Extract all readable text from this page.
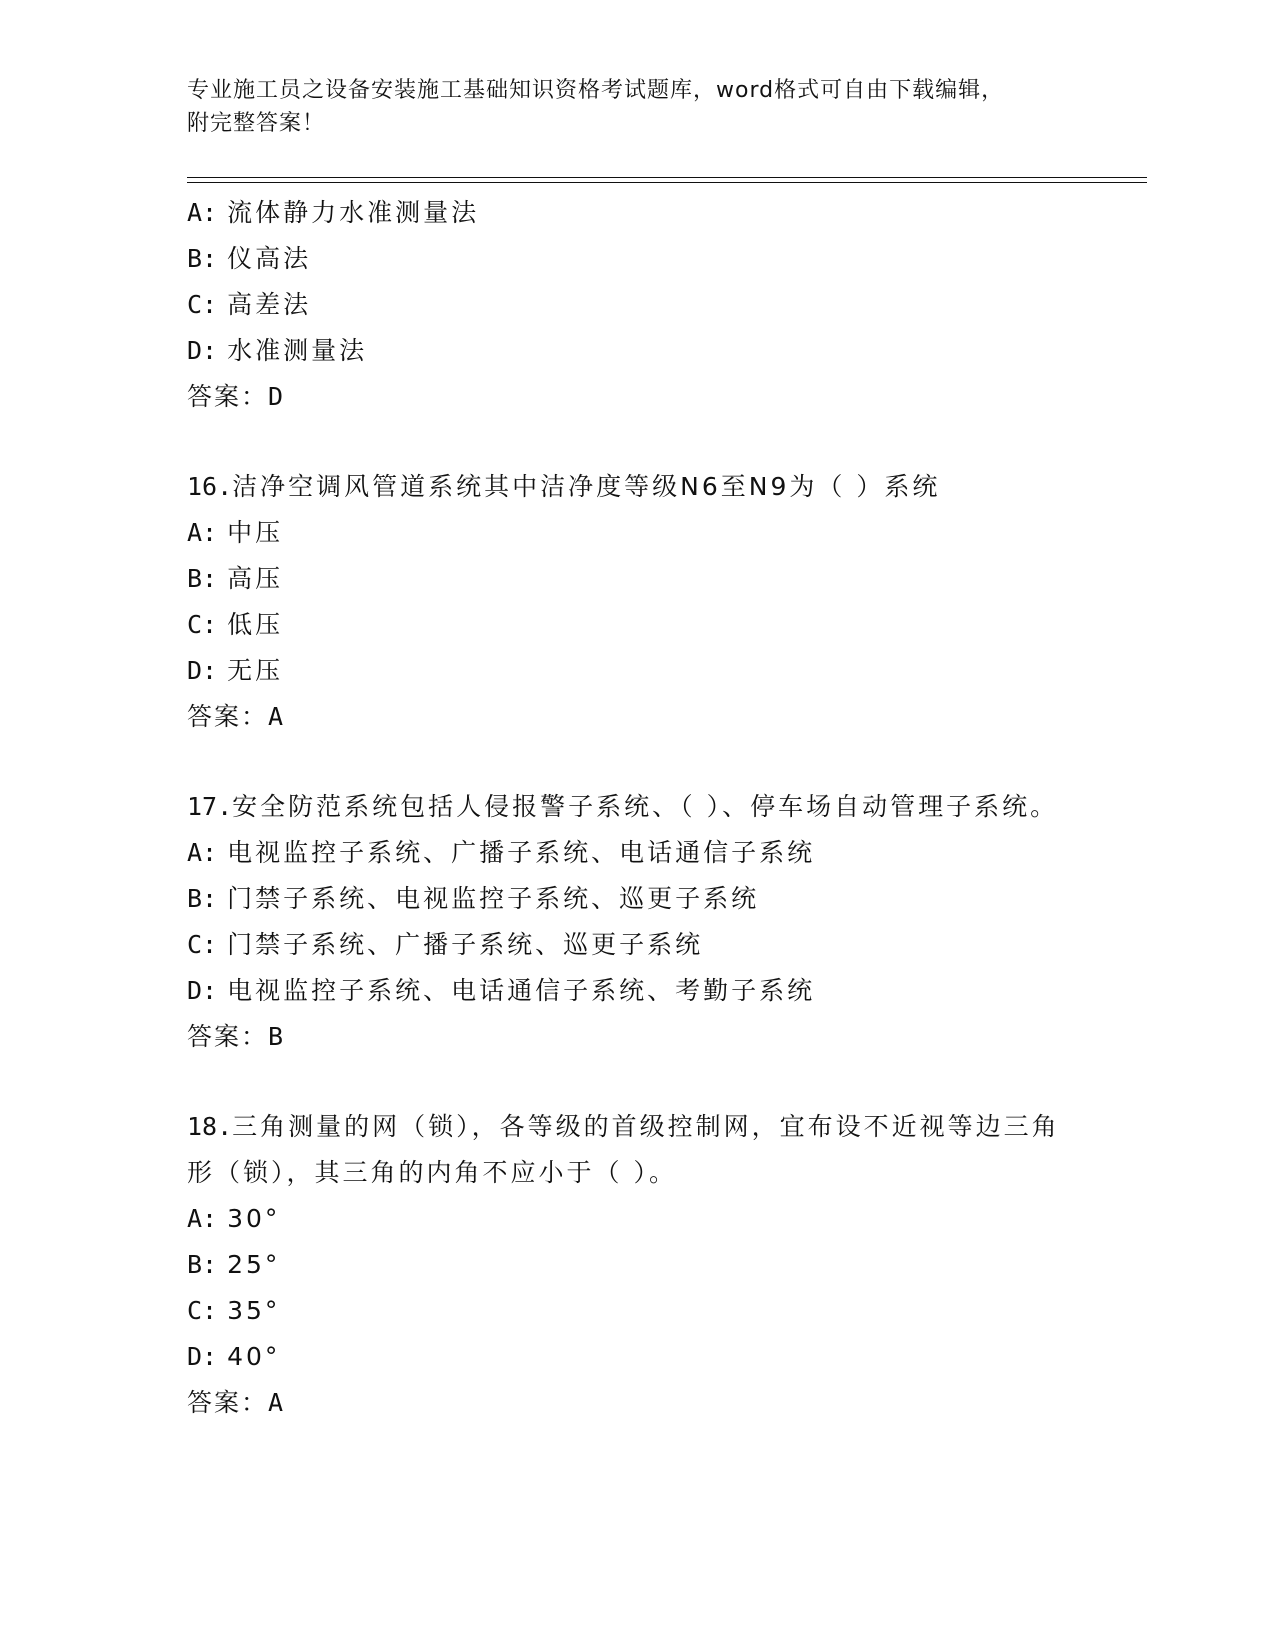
专业施工员之设备安装施工基础知识资格考试题库，word格式可自由下载编辑，
附完整答案！
A: 流体静力水准测量法
B: 仪高法
C: 高差法
D: 水准测量法
答案：D
16.洁净空调风管道系统其中洁净度等级N6至N9为（ ）系统
A: 中压
B: 高压
C: 低压
D: 无压
答案：A
17.安全防范系统包括人侵报警子系统、（ ）、停车场自动管理子系统。
A: 电视监控子系统、广播子系统、电话通信子系统
B: 门禁子系统、电视监控子系统、巡更子系统
C: 门禁子系统、广播子系统、巡更子系统
D: 电视监控子系统、电话通信子系统、考勤子系统
答案：B
18.三角测量的网（锁），各等级的首级控制网，宜布设不近视等边三角形（锁），其三角的内角不应小于（ ）。
A: 30°
B: 25°
C: 35°
D: 40°
答案：A
